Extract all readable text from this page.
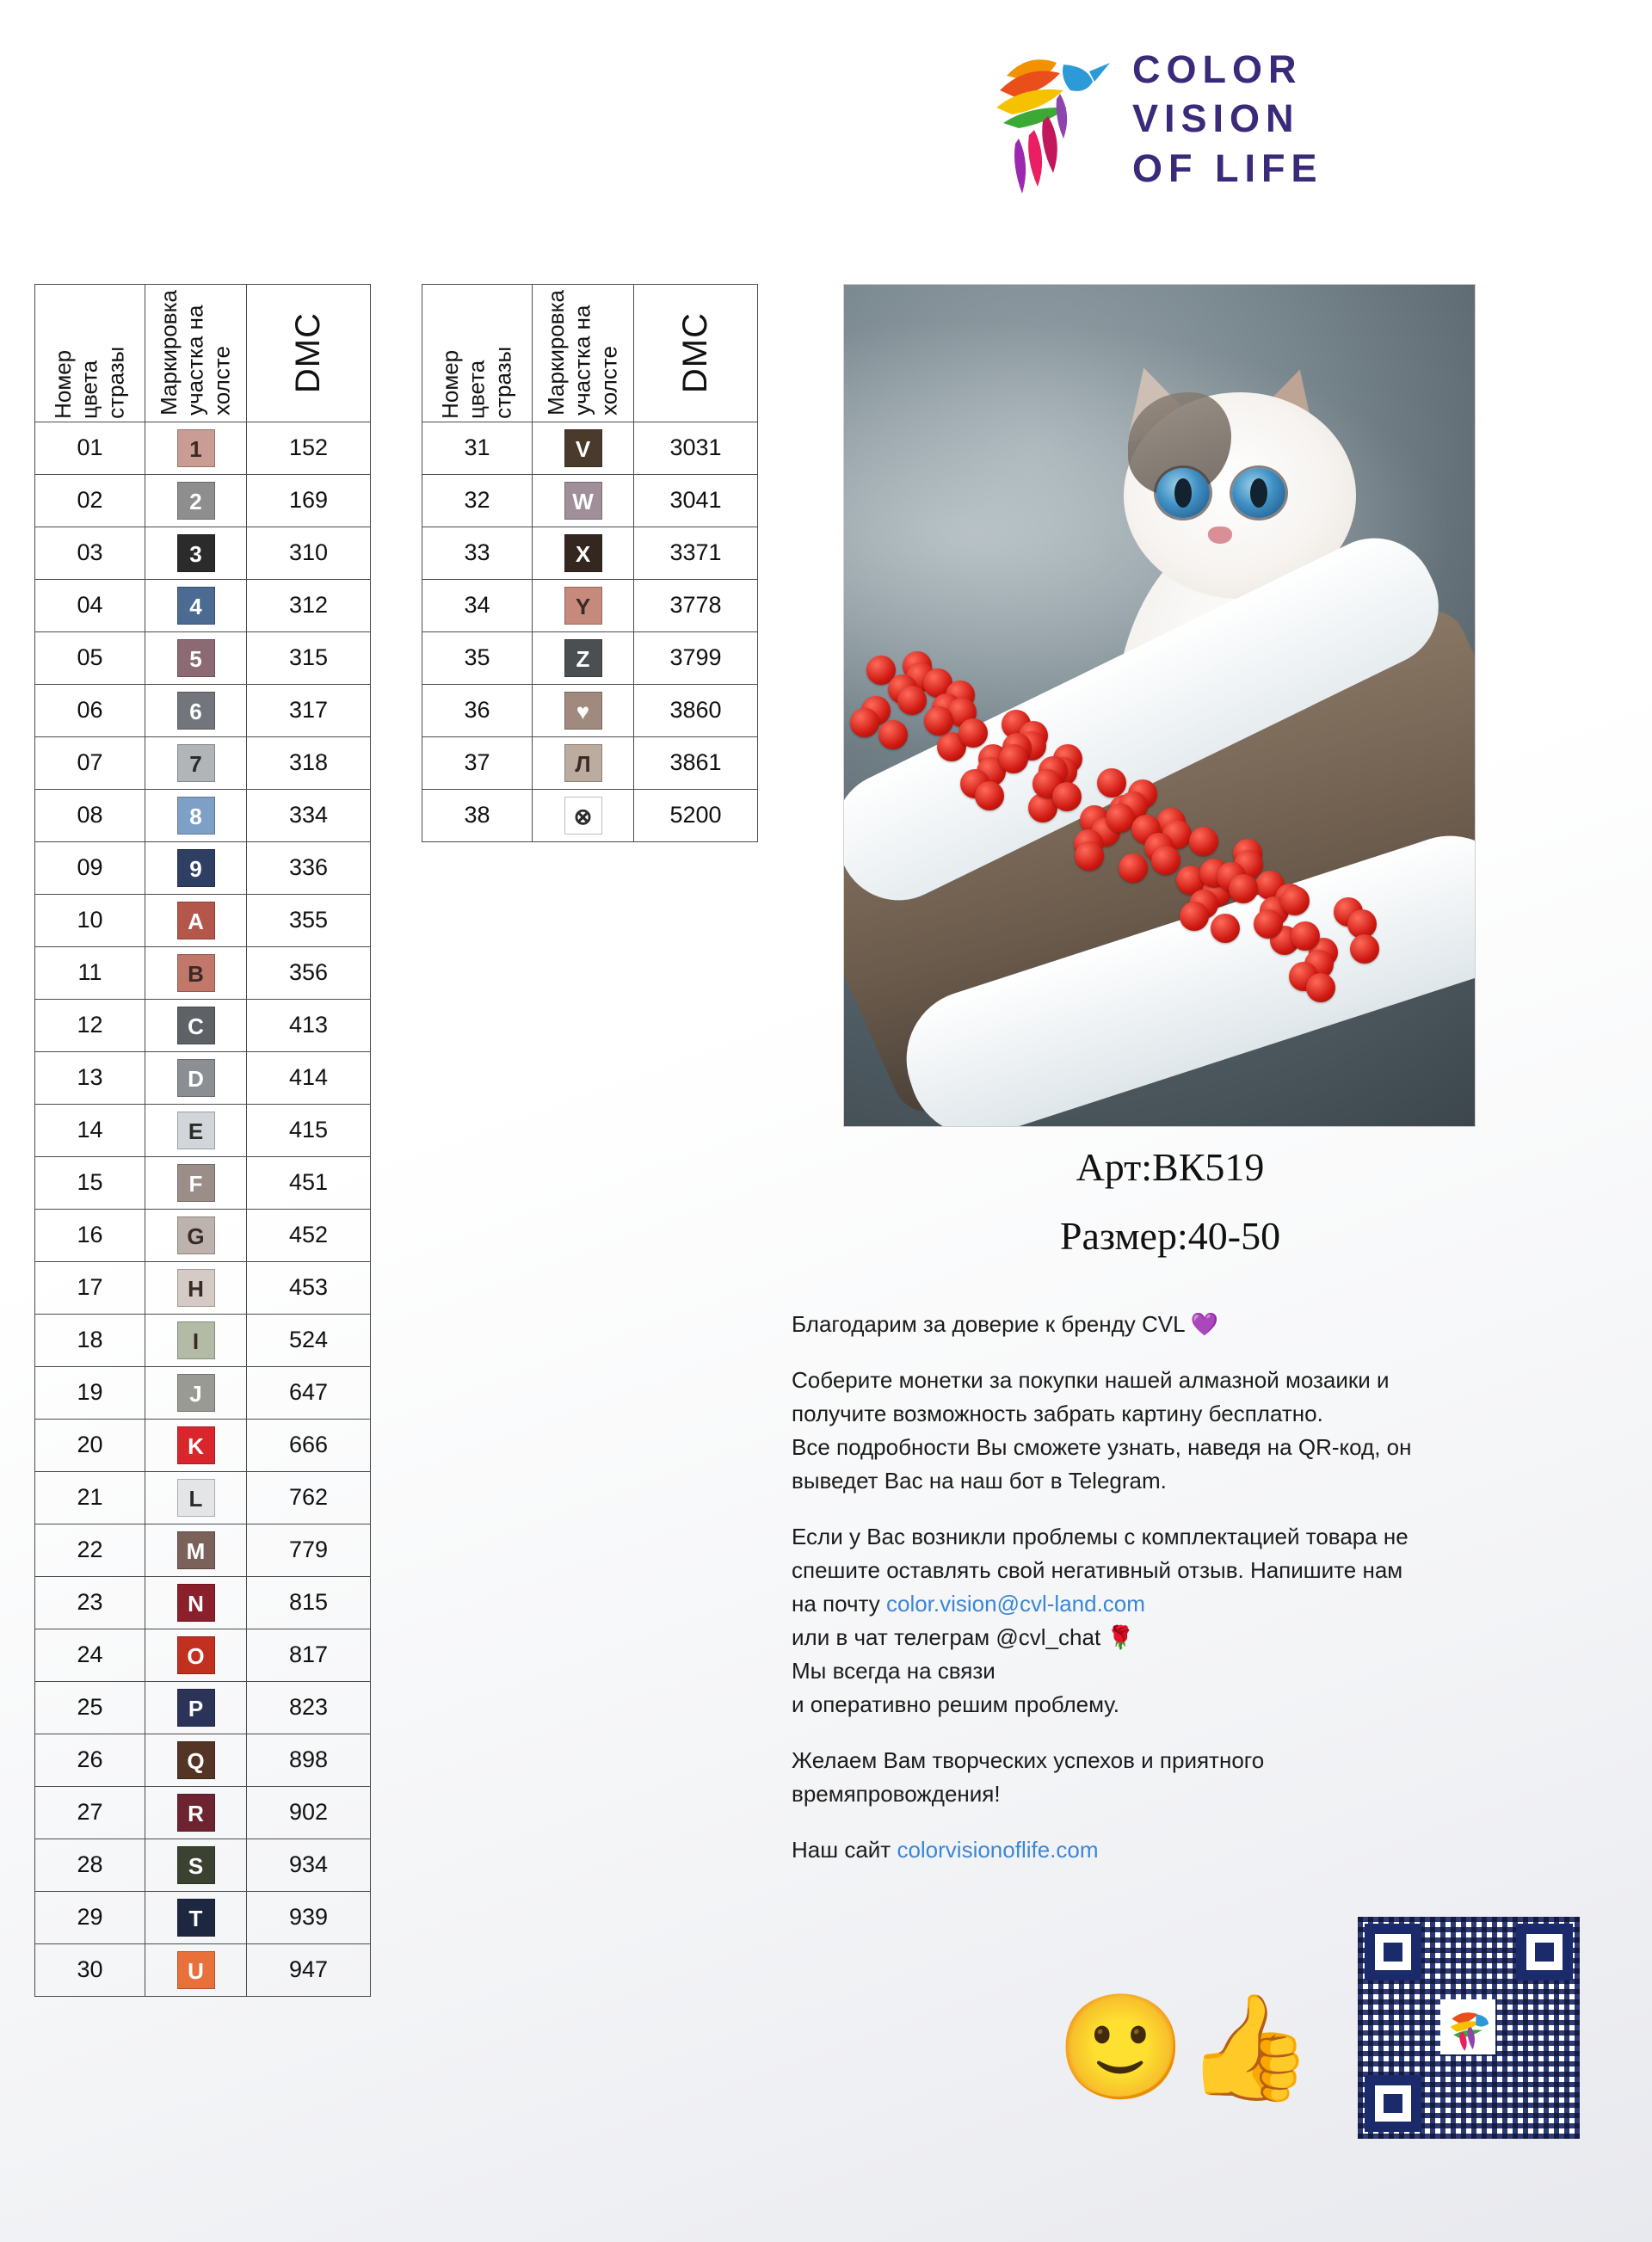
COLOR
VISION
OF LIFE
Номер цвета стразы	Маркировка участка на холсте	DMC
01	1	152
02	2	169
03	3	310
04	4	312
05	5	315
06	6	317
07	7	318
08	8	334
09	9	336
10	A	355
11	B	356
12	C	413
13	D	414
14	E	415
15	F	451
16	G	452
17	H	453
18	I	524
19	J	647
20	K	666
21	L	762
22	M	779
23	N	815
24	O	817
25	P	823
26	Q	898
27	R	902
28	S	934
29	T	939
30	U	947
Номер цвета стразы	Маркировка участка на холсте	DMC
31	V	3031
32	W	3041
33	X	3371
34	Y	3778
35	Z	3799
36	♥	3860
37	Л	3861
38	⊗	5200
Арт:ВК519
Размер:40-50

Благодарим за доверие к бренду CVL 💜

Соберите монетки за покупки нашей алмазной мозаики и
получите возможность забрать картину бесплатно.
Все подробности Вы сможете узнать, наведя на QR-код, он
выведет Вас на наш бот в Telegram.

Если у Вас возникли проблемы с комплектацией товара не
спешите оставлять свой негативный отзыв. Напишите нам
на почту color.vision@cvl-land.com
или в чат телеграм @cvl_chat 🌹
Мы всегда на связи
и оперативно решим проблему.

Желаем Вам творческих успехов и приятного
времяпровождения!

Наш сайт colorvisionoflife.com

🙂👍
